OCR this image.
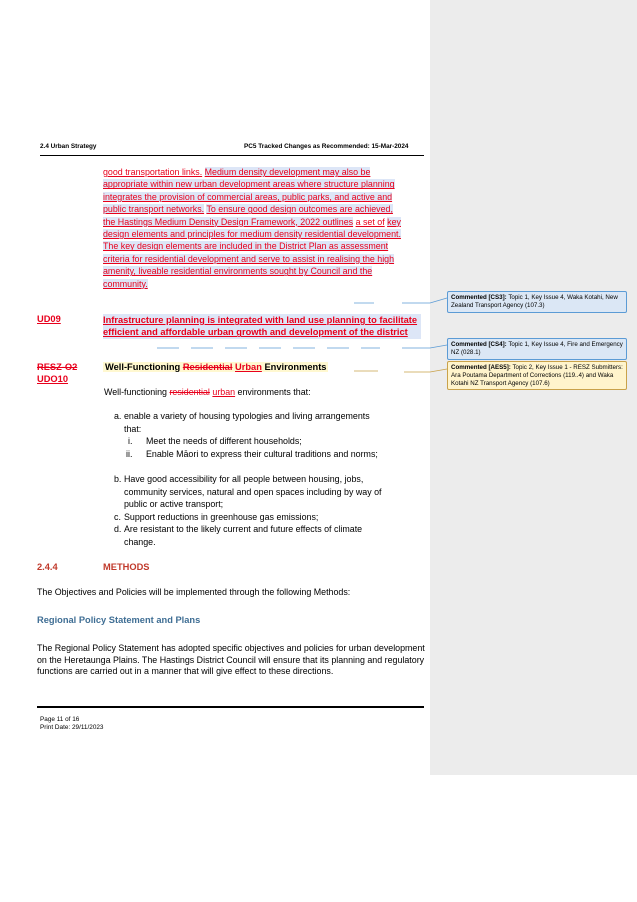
2.4 Urban Strategy	PC5 Tracked Changes as Recommended: 15-Mar-2024
good transportation links. Medium density development may also be appropriate within new urban development areas where structure planning integrates the provision of commercial areas, public parks, and active and public transport networks. To ensure good design outcomes are achieved, the Hastings Medium Density Design Framework, 2022 outlines a set of key design elements and principles for medium density residential development. The key design elements are included in the District Plan as assessment criteria for residential development and serve to assist in realising the high amenity, liveable residential environments sought by Council and the community.
UD09	Infrastructure planning is integrated with land use planning to facilitate efficient and affordable urban growth and development of the district
RESZ-O2
UDO10
Well-Functioning Residential Urban Environments
Well-functioning residential urban environments that:
a. enable a variety of housing typologies and living arrangements that:
i. Meet the needs of different households;
ii. Enable Māori to express their cultural traditions and norms;
b. Have good accessibility for all people between housing, jobs, community services, natural and open spaces including by way of public or active transport;
c. Support reductions in greenhouse gas emissions;
d. Are resistant to the likely current and future effects of climate change.
2.4.4	METHODS
The Objectives and Policies will be implemented through the following Methods:
Regional Policy Statement and Plans
The Regional Policy Statement has adopted specific objectives and policies for urban development on the Heretaunga Plains. The Hastings District Council will ensure that its planning and regulatory functions are carried out in a manner that will give effect to these directions.
Page 11 of 16
Print Date: 29/11/2023
Commented [CS3]: Topic 1, Key Issue 4, Waka Kotahi, New Zealand Transport Agency (107.3)
Commented [CS4]: Topic 1, Key Issue 4, Fire and Emergency NZ (028.1)
Commented [AES5]: Topic 2, Key Issue 1 - RESZ Submitters: Ara Poutama Department of Corrections (119..4) and Waka Kotahi NZ Transport Agency (107.6)
